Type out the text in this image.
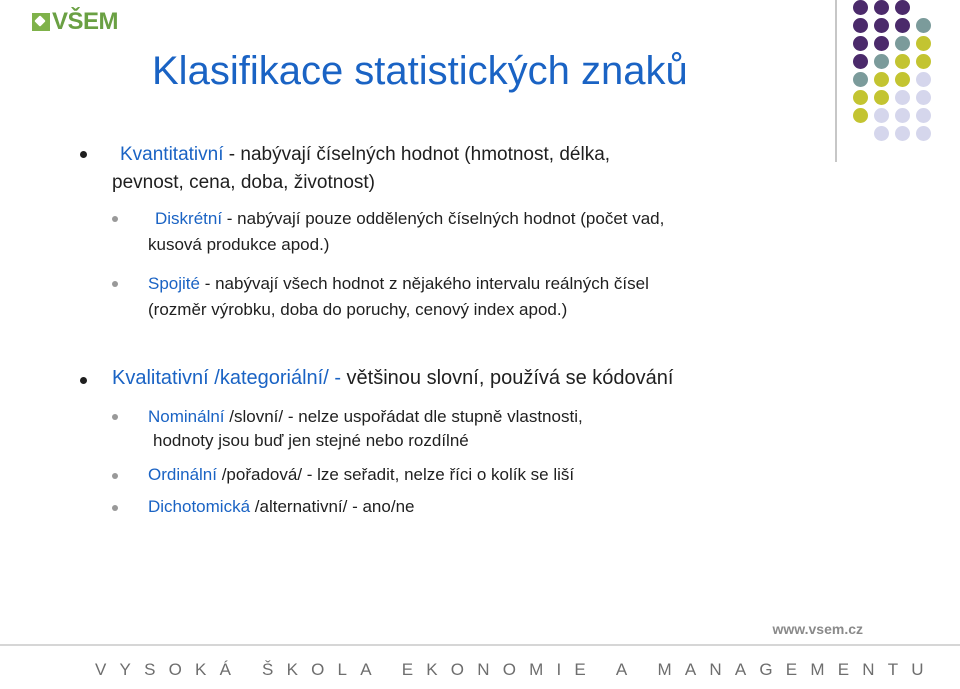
VŠEM
Klasifikace statistických znaků
Kvantitativní - nabývají číselných hodnot (hmotnost, délka,
pevnost, cena, doba, životnost)
Diskrétní - nabývají pouze oddělených číselných hodnot (počet vad,
kusová produkce apod.)
Spojité - nabývají všech hodnot z nějakého intervalu reálných čísel
(rozměr výrobku, doba do poruchy, cenový index apod.)
Kvalitativní /kategoriální/ - většinou slovní, používá se kódování
Nominální /slovní/ - nelze uspořádat dle stupně vlastnosti,
hodnoty jsou buď jen stejné nebo rozdílné
Ordinální /pořadová/ - lze seřadit, nelze říci o kolík se liší
Dichotomická /alternativní/ - ano/ne
www.vsem.cz
VYSOKÁ ŠKOLA EKONOMIE A MANAGEMENTU
